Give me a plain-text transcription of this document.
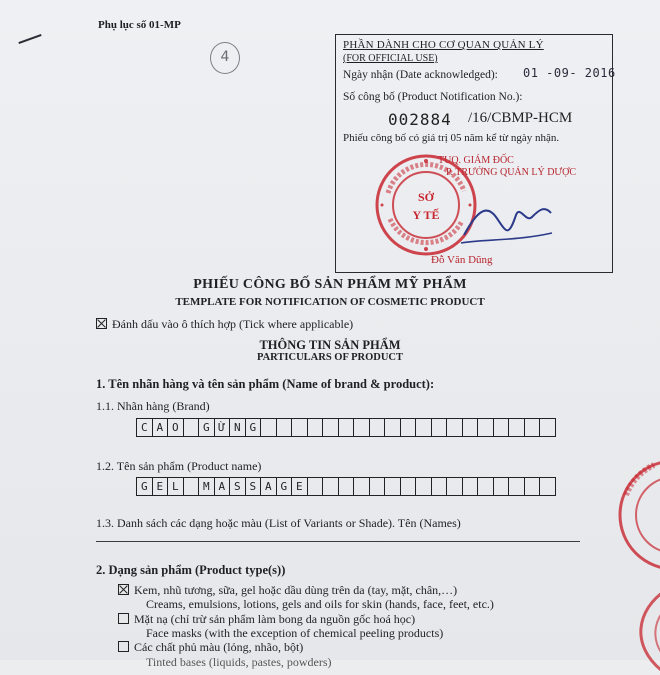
Phụ lục số 01-MP
4
PHẦN DÀNH CHO CƠ QUAN QUẢN LÝ
(FOR OFFICIAL USE)
Ngày nhận (Date acknowledged): 01 -09- 2016
Số công bố (Product Notification No.):
002884 /16/CBMP-HCM
Phiếu công bố có giá trị 05 năm kể từ ngày nhận.
TUQ. GIÁM ĐỐC
P. TRƯỞNG QUẢN LÝ DƯỢC
SỞ
Y TẾ
Đỗ Văn Dũng
PHIẾU CÔNG BỐ SẢN PHẨM MỸ PHẨM
TEMPLATE FOR NOTIFICATION OF COSMETIC PRODUCT
Đánh dấu vào ô thích hợp (Tick where applicable)
THÔNG TIN SẢN PHẨM
PARTICULARS OF PRODUCT
1. Tên nhãn hàng và tên sản phẩm (Name of brand & product):
1.1. Nhãn hàng (Brand)
C A O	G Ừ N G
1.2. Tên sản phẩm (Product name)
G E L	M A S S A G E
1.3. Danh sách các dạng hoặc màu (List of Variants or Shade). Tên (Names)
2. Dạng sản phẩm (Product type(s))
Kem, nhũ tương, sữa, gel hoặc dầu dùng trên da (tay, mặt, chân,…)
Creams, emulsions, lotions, gels and oils for skin (hands, face, feet, etc.)
Mặt nạ (chỉ trừ sản phẩm làm bong da nguồn gốc hoá học)
Face masks (with the exception of chemical peeling products)
Các chất phủ màu (lỏng, nhão, bột)
Tinted bases (liquids, pastes, powders)
